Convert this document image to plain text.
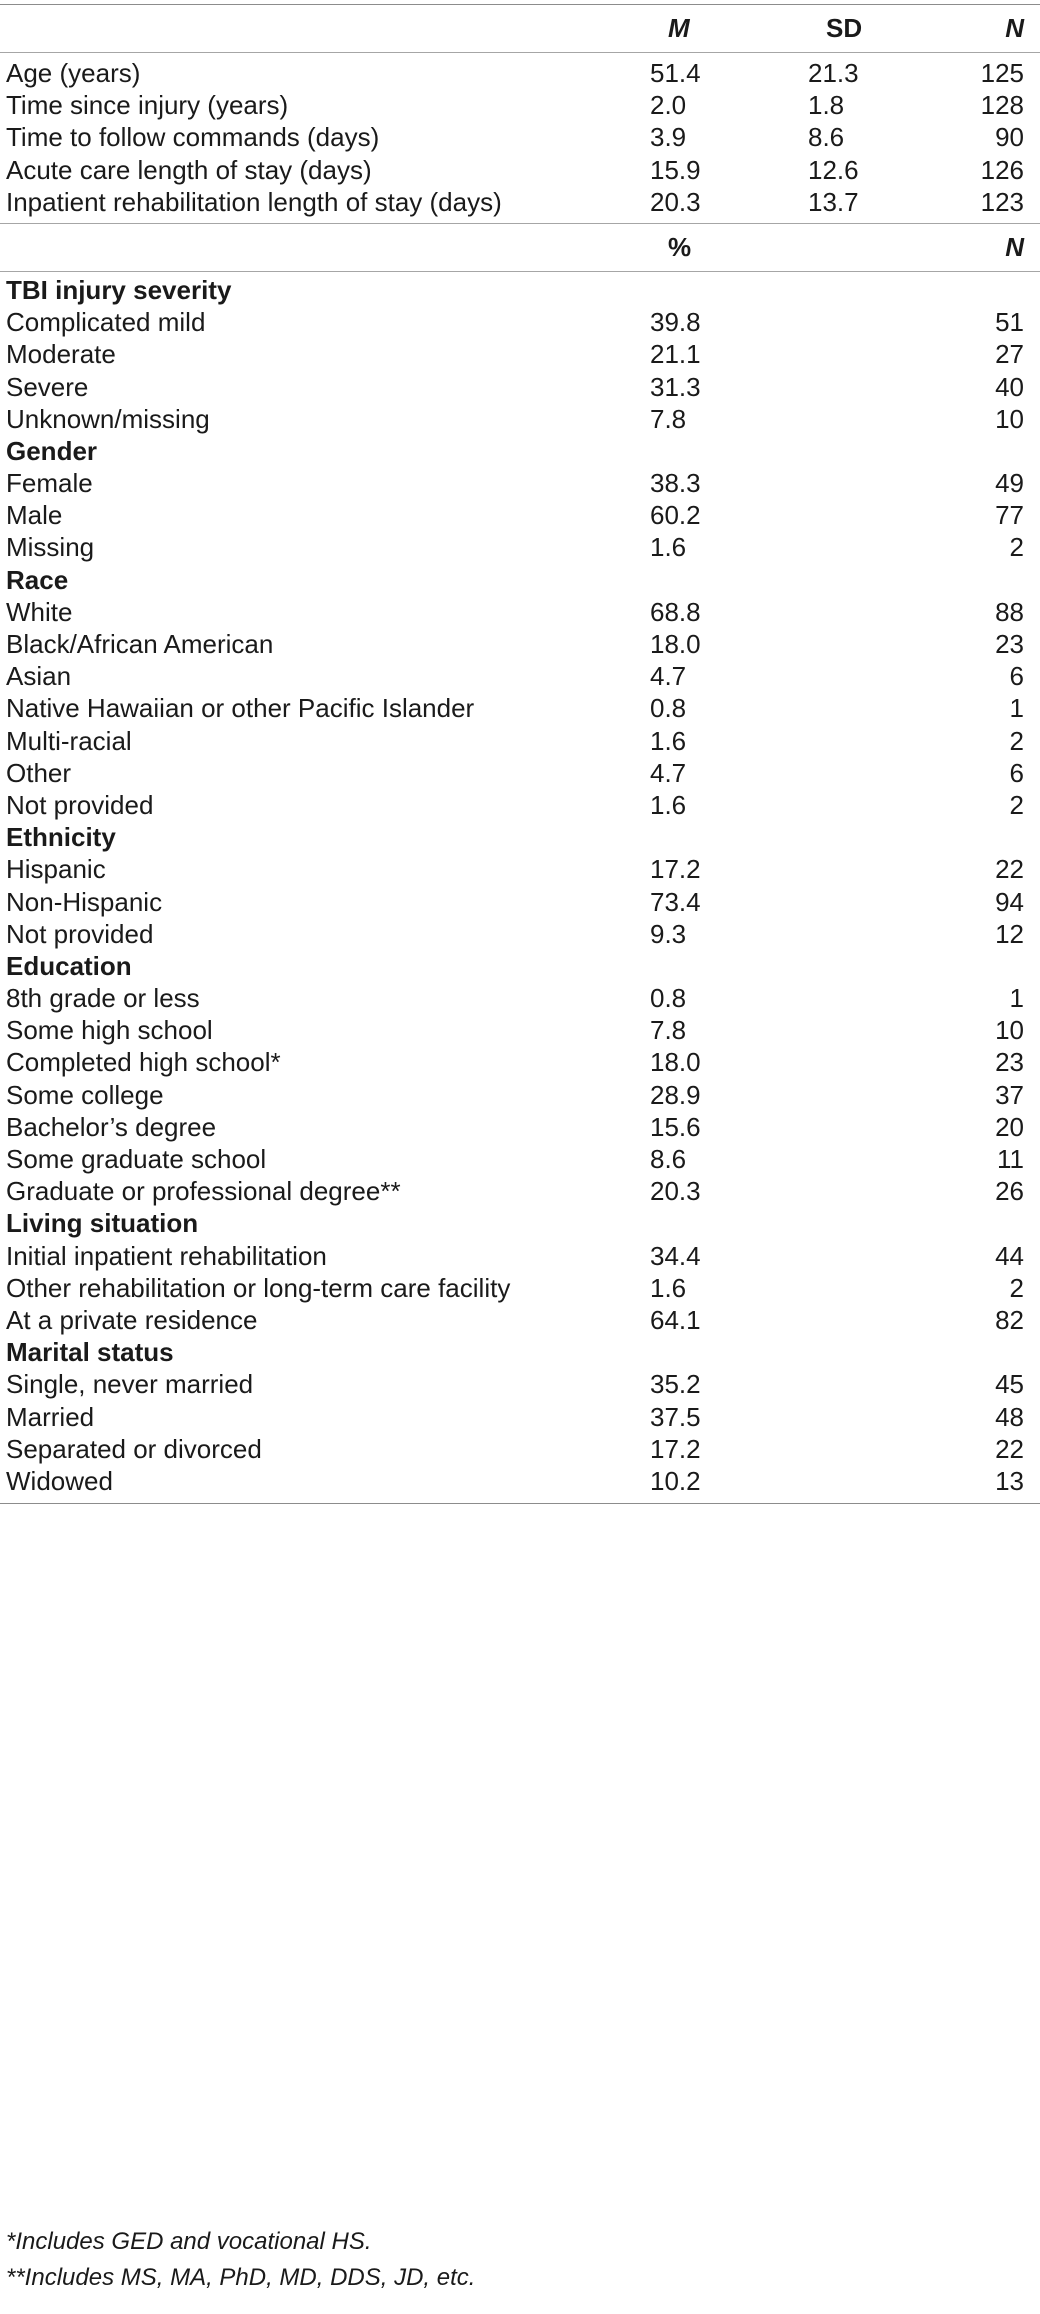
M	SD	N
Age (years)	51.4	21.3	125
Time since injury (years)	2.0	1.8	128
Time to follow commands (days)	3.9	8.6	90
Acute care length of stay (days)	15.9	12.6	126
Inpatient rehabilitation length of stay (days)	20.3	13.7	123
%	N
TBI injury severity
Complicated mild	39.8	51
Moderate	21.1	27
Severe	31.3	40
Unknown/missing	7.8	10
Gender
Female	38.3	49
Male	60.2	77
Missing	1.6	2
Race
White	68.8	88
Black/African American	18.0	23
Asian	4.7	6
Native Hawaiian or other Pacific Islander	0.8	1
Multi-racial	1.6	2
Other	4.7	6
Not provided	1.6	2
Ethnicity
Hispanic	17.2	22
Non-Hispanic	73.4	94
Not provided	9.3	12
Education
8th grade or less	0.8	1
Some high school	7.8	10
Completed high school*	18.0	23
Some college	28.9	37
Bachelor’s degree	15.6	20
Some graduate school	8.6	11
Graduate or professional degree**	20.3	26
Living situation
Initial inpatient rehabilitation	34.4	44
Other rehabilitation or long-term care facility	1.6	2
At a private residence	64.1	82
Marital status
Single, never married	35.2	45
Married	37.5	48
Separated or divorced	17.2	22
Widowed	10.2	13
*Includes GED and vocational HS.
**Includes MS, MA, PhD, MD, DDS, JD, etc.
